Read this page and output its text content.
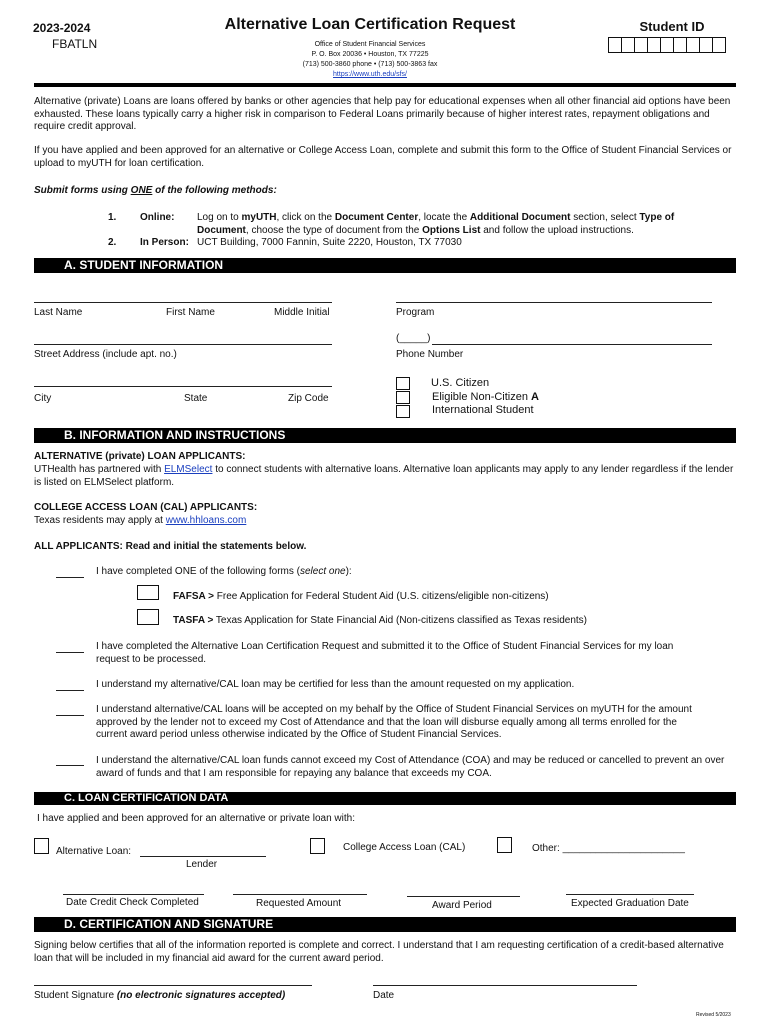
2023-2024
FBATLN
Alternative Loan Certification Request
Office of Student Financial Services
P. O. Box 20036 • Houston, TX 77225
(713) 500-3860 phone • (713) 500-3863 fax
https://www.uth.edu/sfs/
Student ID
Alternative (private) Loans are loans offered by banks or other agencies that help pay for educational expenses when all other financial aid options have been exhausted. These loans typically carry a higher risk in comparison to Federal Loans primarily because of higher interest rates, repayment obligations and require credit approval.
If you have applied and been approved for an alternative or College Access Loan, complete and submit this form to the Office of Student Financial Services or upload to myUTH for loan certification.
Submit forms using ONE of the following methods:
1. Online: Log on to myUTH, click on the Document Center, locate the Additional Document section, select Type of Document, choose the type of document from the Options List and follow the upload instructions.
2. In Person: UCT Building, 7000 Fannin, Suite 2220, Houston, TX 77030
A. STUDENT INFORMATION
Last Name	First Name	Middle Initial	Program
Street Address (include apt. no.)
(_____)
Phone Number
City	State	Zip Code
U.S. Citizen
Eligible Non-Citizen A
International Student
B. INFORMATION AND INSTRUCTIONS
ALTERNATIVE (private) LOAN APPLICANTS:
UTHealth has partnered with ELMSelect to connect students with alternative loans. Alternative loan applicants may apply to any lender regardless if the lender is listed on ELMSelect platform.
COLLEGE ACCESS LOAN (CAL) APPLICANTS:
Texas residents may apply at www.hhloans.com
ALL APPLICANTS: Read and initial the statements below.
I have completed ONE of the following forms (select one):
FAFSA > Free Application for Federal Student Aid (U.S. citizens/eligible non-citizens)
TASFA > Texas Application for State Financial Aid (Non-citizens classified as Texas residents)
I have completed the Alternative Loan Certification Request and submitted it to the Office of Student Financial Services for my loan request to be processed.
I understand my alternative/CAL loan may be certified for less than the amount requested on my application.
I understand alternative/CAL loans will be accepted on my behalf by the Office of Student Financial Services on myUTH for the amount approved by the lender not to exceed my Cost of Attendance and that the loan will disburse equally among all terms enrolled for the current award period unless otherwise indicated by the Office of Student Financial Services.
I understand the alternative/CAL loan funds cannot exceed my Cost of Attendance (COA) and may be reduced or cancelled to prevent an over award of funds and that I am responsible for repaying any balance that exceeds my COA.
C. LOAN CERTIFICATION DATA
I have applied and been approved for an alternative or private loan with:
Alternative Loan:
Lender
College Access Loan (CAL)	Other: ______________________
Date Credit Check Completed	Requested Amount	Award Period	Expected Graduation Date
D. CERTIFICATION AND SIGNATURE
Signing below certifies that all of the information reported is complete and correct. I understand that I am requesting certification of a credit-based alternative loan that will be included in my financial aid award for the current award period.
Student Signature (no electronic signatures accepted)	Date
Revised 5/2023
